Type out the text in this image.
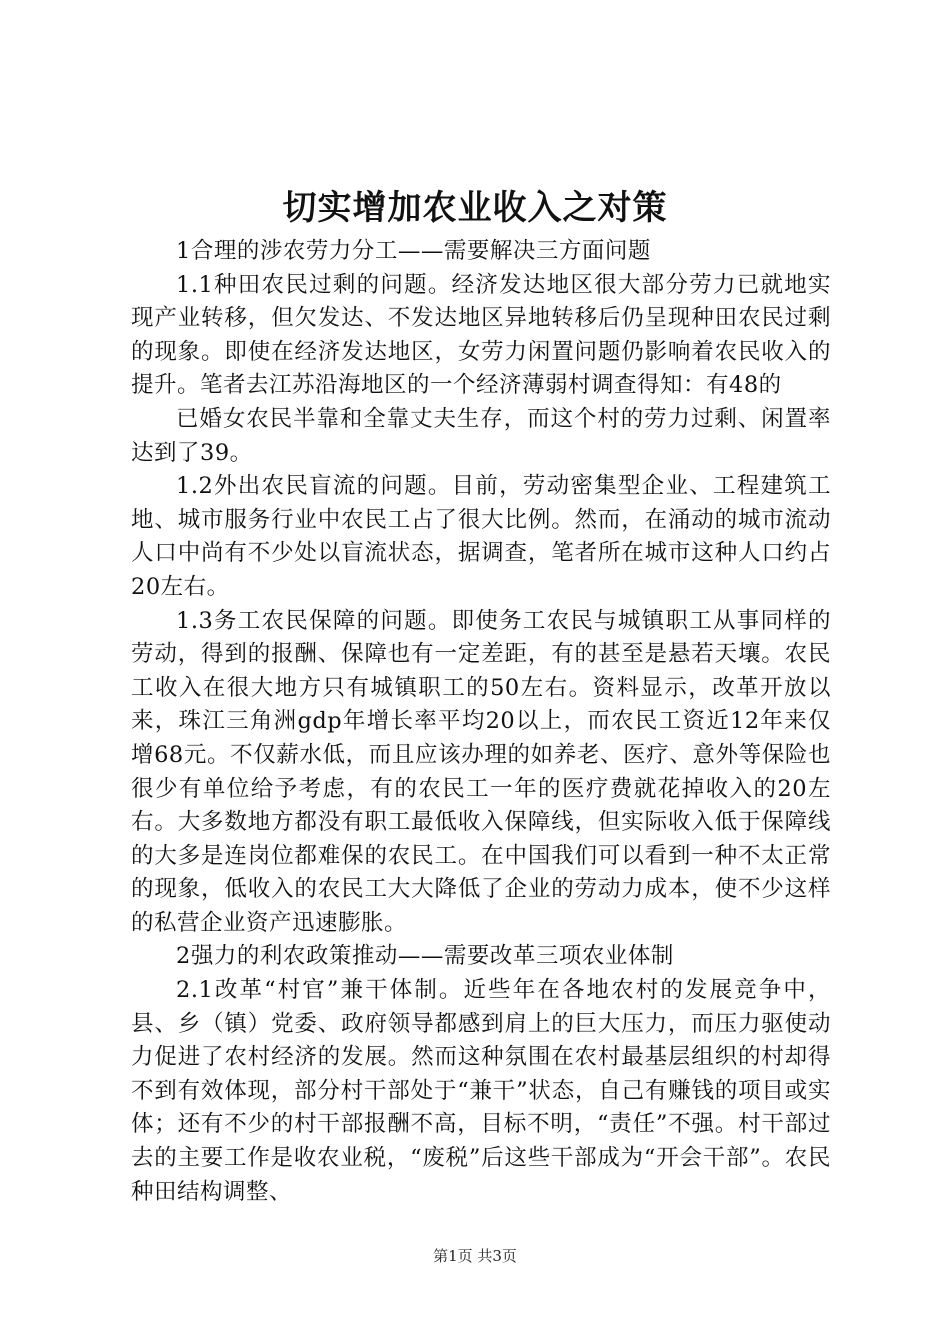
切实增加农业收入之对策

1合理的涉农劳力分工——需要解决三方面问题

1.1种田农民过剩的问题。经济发达地区很大部分劳力已就地实现产业转移，但欠发达、不发达地区异地转移后仍呈现种田农民过剩的现象。即使在经济发达地区，女劳力闲置问题仍影响着农民收入的提升。笔者去江苏沿海地区的一个经济薄弱村调查得知：有48的

已婚女农民半靠和全靠丈夫生存，而这个村的劳力过剩、闲置率达到了39。

1.2外出农民盲流的问题。目前，劳动密集型企业、工程建筑工地、城市服务行业中农民工占了很大比例。然而，在涌动的城市流动人口中尚有不少处以盲流状态，据调查，笔者所在城市这种人口约占20左右。

1.3务工农民保障的问题。即使务工农民与城镇职工从事同样的劳动，得到的报酬、保障也有一定差距，有的甚至是悬若天壤。农民工收入在很大地方只有城镇职工的50左右。资料显示，改革开放以来，珠江三角洲gdp年增长率平均20以上，而农民工资近12年来仅增68元。不仅薪水低，而且应该办理的如养老、医疗、意外等保险也很少有单位给予考虑，有的农民工一年的医疗费就花掉收入的20左右。大多数地方都没有职工最低收入保障线，但实际收入低于保障线的大多是连岗位都难保的农民工。在中国我们可以看到一种不太正常的现象，低收入的农民工大大降低了企业的劳动力成本，使不少这样的私营企业资产迅速膨胀。

2强力的利农政策推动——需要改革三项农业体制

2.1改革“村官”兼干体制。近些年在各地农村的发展竞争中，县、乡（镇）党委、政府领导都感到肩上的巨大压力，而压力驱使动力促进了农村经济的发展。然而这种氛围在农村最基层组织的村却得不到有效体现，部分村干部处于“兼干”状态，自己有赚钱的项目或实体；还有不少的村干部报酬不高，目标不明，“责任”不强。村干部过去的主要工作是收农业税，“废税”后这些干部成为“开会干部”。农民种田结构调整、

第1页 共3页
